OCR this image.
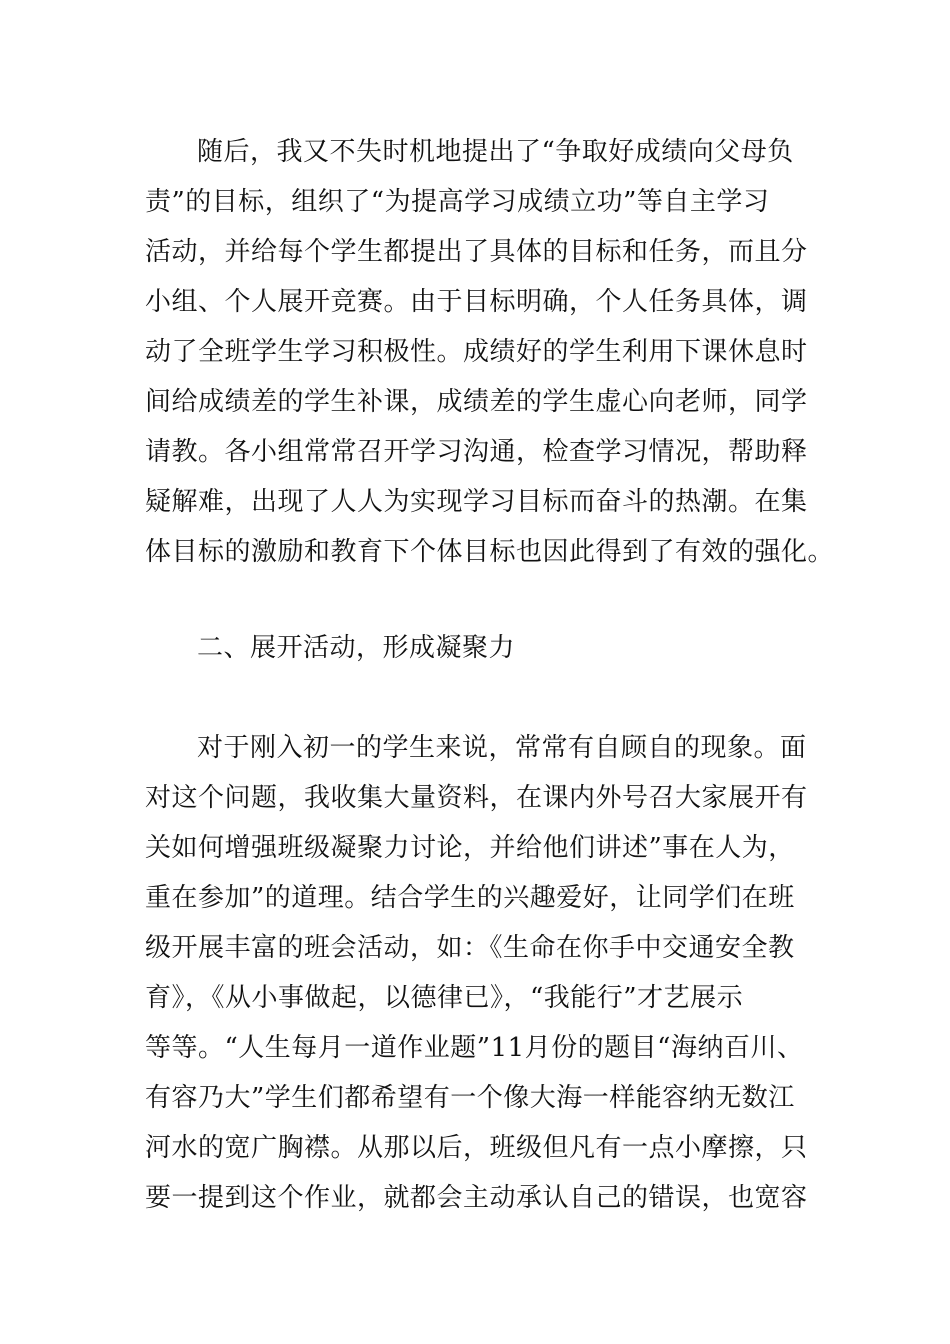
随后，我又不失时机地提出了“争取好成绩向父母负
责”的目标，组织了“为提高学习成绩立功”等自主学习
活动，并给每个学生都提出了具体的目标和任务，而且分
小组、个人展开竞赛。由于目标明确，个人任务具体，调
动了全班学生学习积极性。成绩好的学生利用下课休息时
间给成绩差的学生补课，成绩差的学生虚心向老师，同学
请教。各小组常常召开学习沟通，检查学习情况，帮助释
疑解难，出现了人人为实现学习目标而奋斗的热潮。在集
体目标的激励和教育下个体目标也因此得到了有效的强化。
二、展开活动，形成凝聚力
对于刚入初一的学生来说，常常有自顾自的现象。面
对这个问题，我收集大量资料，在课内外号召大家展开有
关如何增强班级凝聚力讨论，并给他们讲述”事在人为，
重在参加”的道理。结合学生的兴趣爱好，让同学们在班
级开展丰富的班会活动，如：《生命在你手中交通安全教
育》，《从小事做起，以德律已》，“我能行”才艺展示
等等。“人生每月一道作业题”11月份的题目“海纳百川、
有容乃大”学生们都希望有一个像大海一样能容纳无数江
河水的宽广胸襟。从那以后，班级但凡有一点小摩擦，只
要一提到这个作业，就都会主动承认自己的错误，也宽容
